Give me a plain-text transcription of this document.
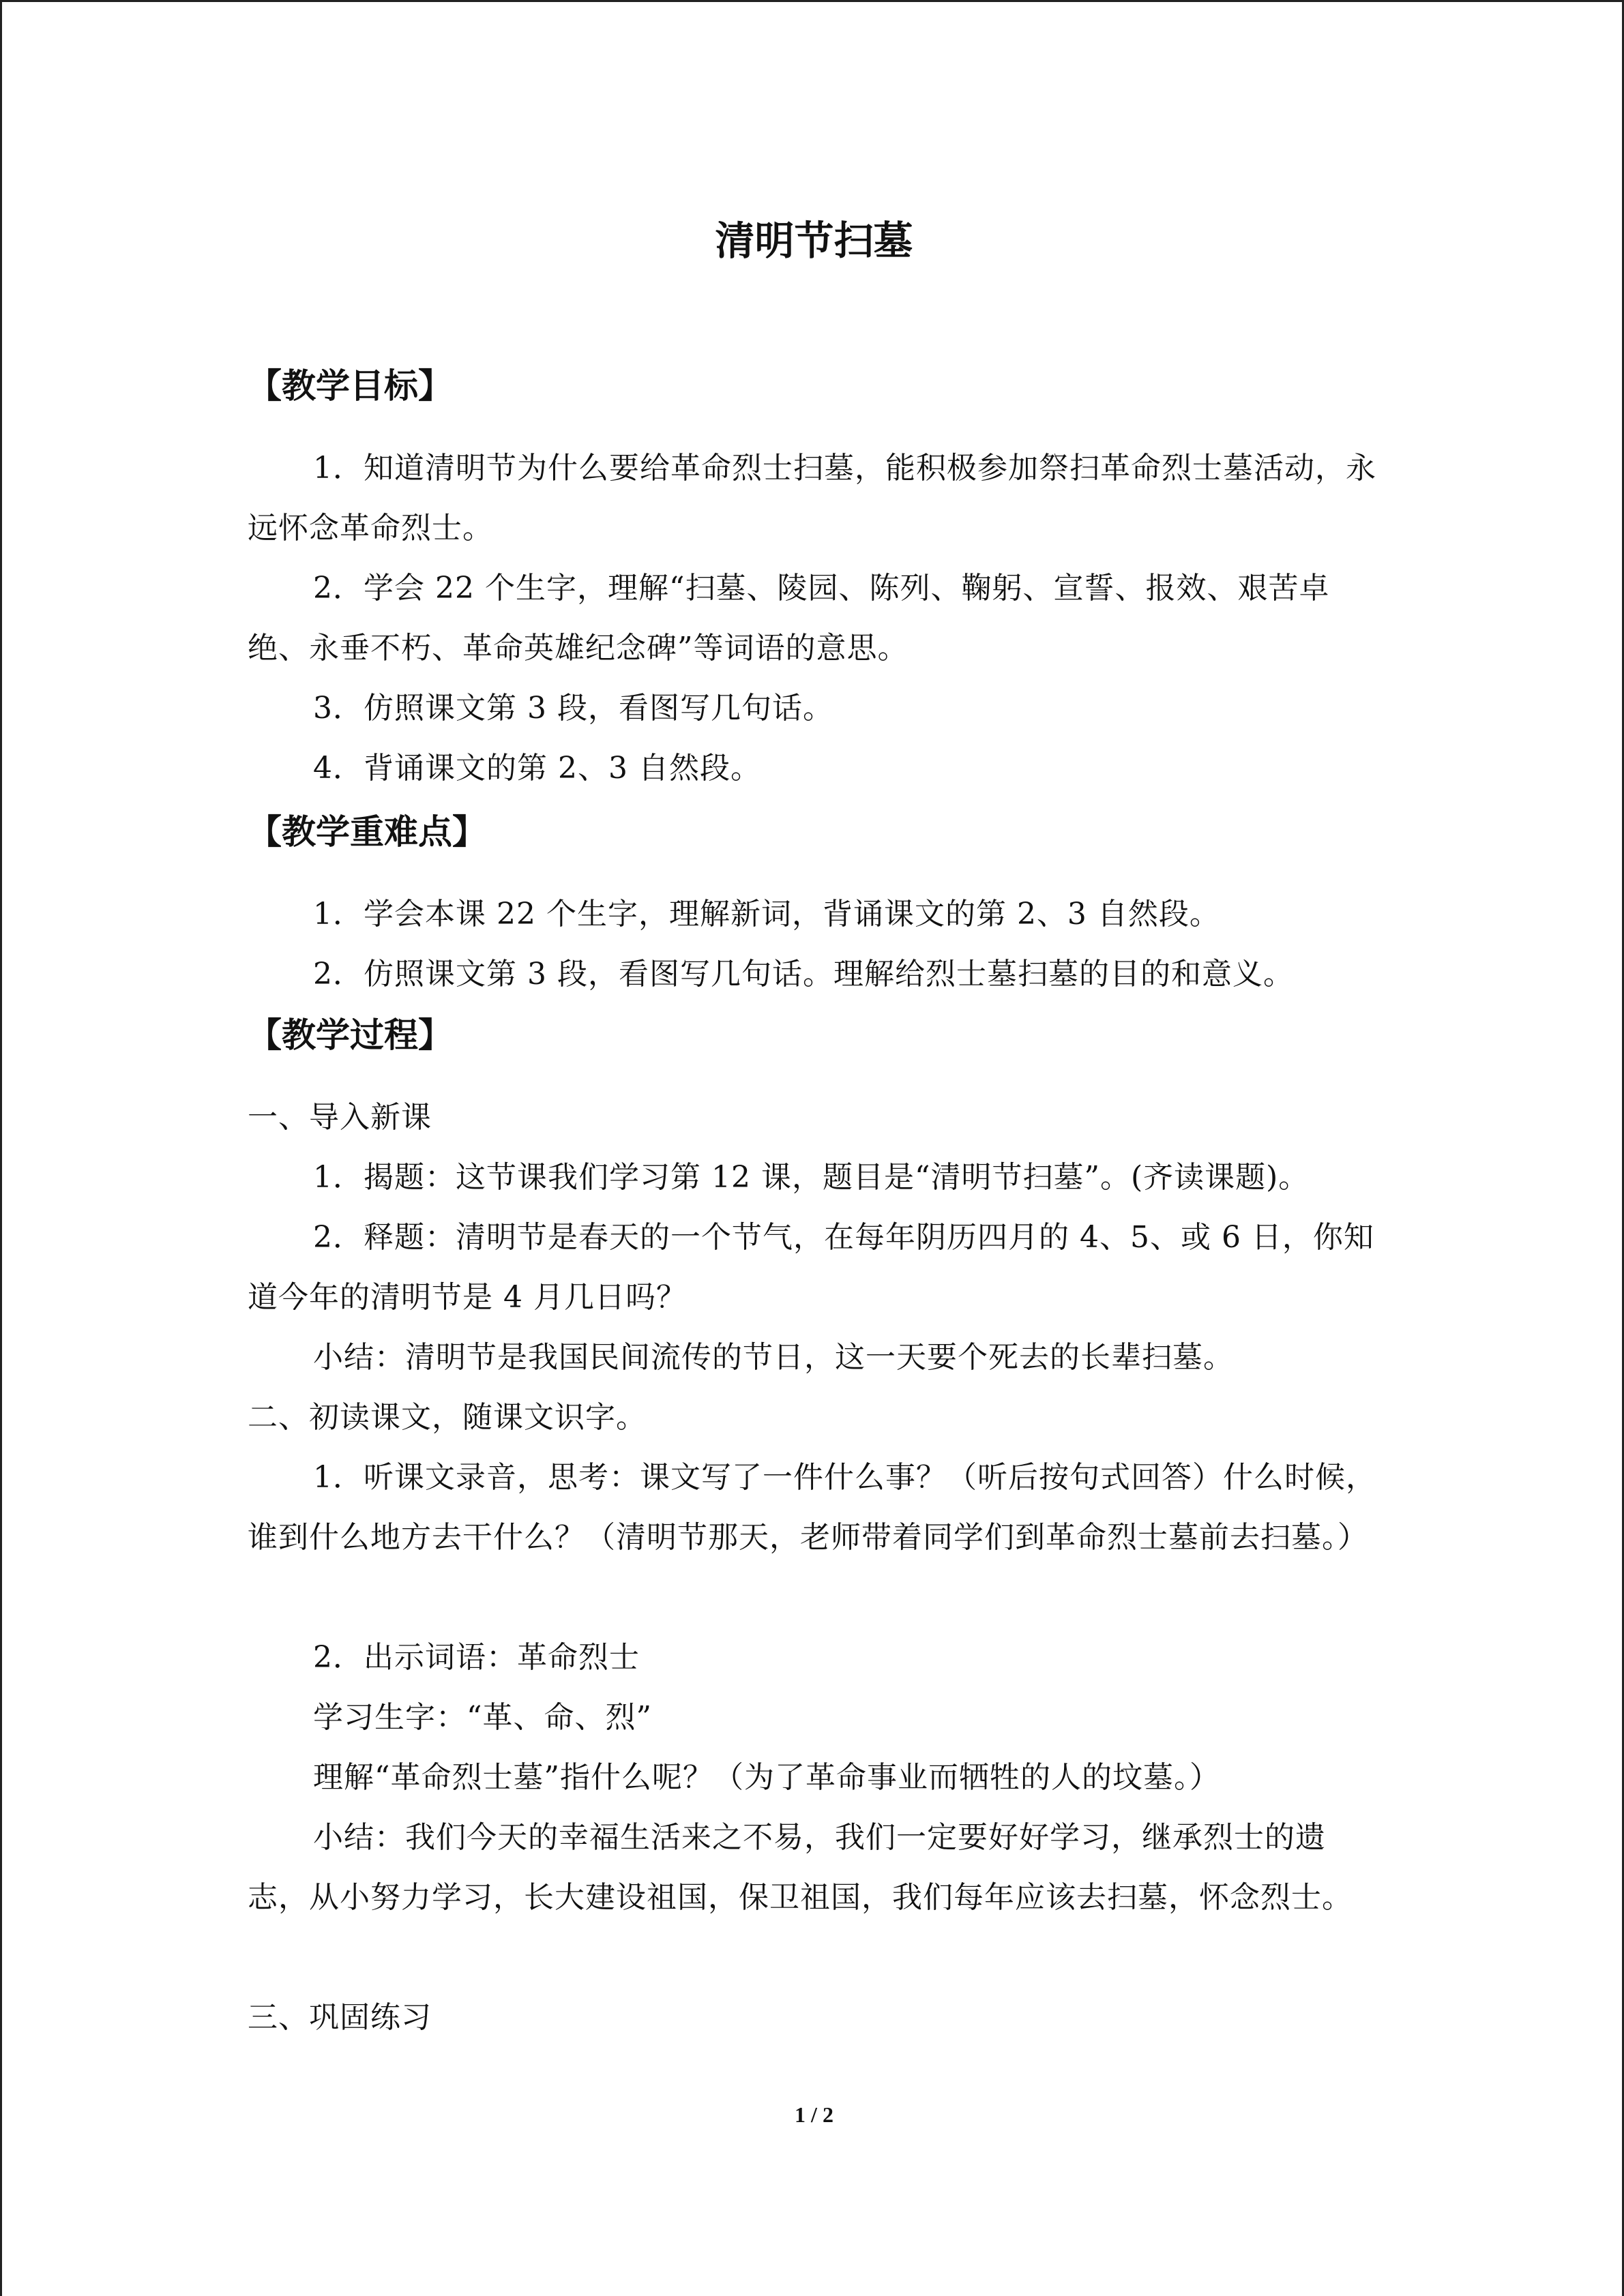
清明节扫墓
【教学目标】
1．知道清明节为什么要给革命烈士扫墓，能积极参加祭扫革命烈士墓活动，永远怀念革命烈士。
2．学会 22 个生字，理解“扫墓、陵园、陈列、鞠躬、宣誓、报效、艰苦卓绝、永垂不朽、革命英雄纪念碑”等词语的意思。
3．仿照课文第 3 段，看图写几句话。
4．背诵课文的第 2、3 自然段。
【教学重难点】
1．学会本课 22 个生字，理解新词，背诵课文的第 2、3 自然段。
2．仿照课文第 3 段，看图写几句话。理解给烈士墓扫墓的目的和意义。
【教学过程】
一、导入新课
1．揭题：这节课我们学习第 12 课，题目是“清明节扫墓”。(齐读课题)。
2．释题：清明节是春天的一个节气，在每年阴历四月的 4、5、或 6 日，你知道今年的清明节是 4 月几日吗？
小结：清明节是我国民间流传的节日，这一天要个死去的长辈扫墓。
二、初读课文，随课文识字。
1．听课文录音，思考：课文写了一件什么事？（听后按句式回答）什么时候，谁到什么地方去干什么？（清明节那天，老师带着同学们到革命烈士墓前去扫墓。）
2．出示词语：革命烈士
学习生字：“革、命、烈”
理解“革命烈士墓”指什么呢？（为了革命事业而牺牲的人的坟墓。）
小结：我们今天的幸福生活来之不易，我们一定要好好学习，继承烈士的遗志，从小努力学习，长大建设祖国，保卫祖国，我们每年应该去扫墓，怀念烈士。
三、巩固练习
1 / 2
